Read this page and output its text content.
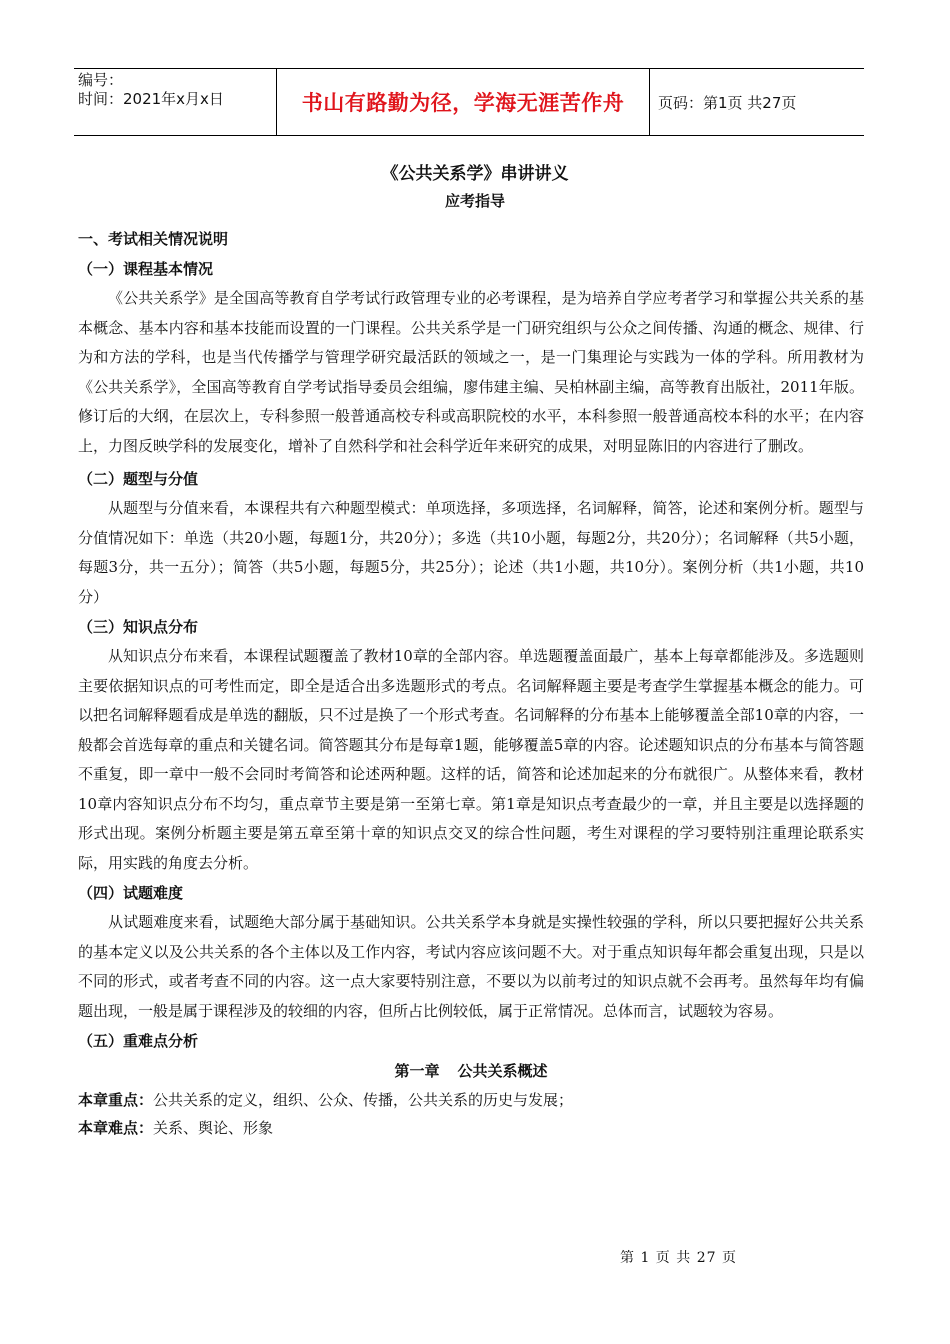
编号：
时间：2021年x月x日	书山有路勤为径，学海无涯苦作舟 页码：第1页 共27页
《公共关系学》串讲讲义
应考指导
一、考试相关情况说明
（一）课程基本情况

《公共关系学》是全国高等教育自学考试行政管理专业的必考课程，是为培养自学应考者学习和掌握公共关系的基本概念、基本内容和基本技能而设置的一门课程。公共关系学是一门研究组织与公众之间传播、沟通的概念、规律、行为和方法的学科，也是当代传播学与管理学研究最活跃的领域之一，是一门集理论与实践为一体的学科。所用教材为《公共关系学》，全国高等教育自学考试指导委员会组编，廖伟建主编、吴柏林副主编，高等教育出版社，2011年版。修订后的大纲，在层次上，专科参照一般普通高校专科或高职院校的水平，本科参照一般普通高校本科的水平；在内容上，力图反映学科的发展变化，增补了自然科学和社会科学近年来研究的成果，对明显陈旧的内容进行了删改。

（二）题型与分值

从题型与分值来看，本课程共有六种题型模式：单项选择，多项选择，名词解释，简答，论述和案例分析。题型与分值情况如下：单选（共20小题，每题1分，共20分）；多选（共10小题，每题2分，共20分）；名词解释（共5小题，每题3分，共一五分）；简答（共5小题，每题5分，共25分）；论述（共1小题，共10分）。案例分析（共1小题，共10分）

（三）知识点分布

从知识点分布来看，本课程试题覆盖了教材10章的全部内容。单选题覆盖面最广，基本上每章都能涉及。多选题则主要依据知识点的可考性而定，即全是适合出多选题形式的考点。名词解释题主要是考查学生掌握基本概念的能力。可以把名词解释题看成是单选的翻版，只不过是换了一个形式考查。名词解释的分布基本上能够覆盖全部10章的内容，一般都会首选每章的重点和关键名词。简答题其分布是每章1题，能够覆盖5章的内容。论述题知识点的分布基本与简答题不重复，即一章中一般不会同时考简答和论述两种题。这样的话，简答和论述加起来的分布就很广。从整体来看，教材10章内容知识点分布不均匀，重点章节主要是第一至第七章。第1章是知识点考查最少的一章，并且主要是以选择题的形式出现。案例分析题主要是第五章至第十章的知识点交叉的综合性问题，考生对课程的学习要特别注重理论联系实际，用实践的角度去分析。

（四）试题难度

从试题难度来看，试题绝大部分属于基础知识。公共关系学本身就是实操性较强的学科，所以只要把握好公共关系的基本定义以及公共关系的各个主体以及工作内容，考试内容应该问题不大。对于重点知识每年都会重复出现，只是以不同的形式，或者考查不同的内容。这一点大家要特别注意，不要以为以前考过的知识点就不会再考。虽然每年均有偏题出现，一般是属于课程涉及的较细的内容，但所占比例较低，属于正常情况。总体而言，试题较为容易。

（五）重难点分析
第一章 公共关系概述
本章重点：公共关系的定义，组织、公众、传播，公共关系的历史与发展；
本章难点：关系、舆论、形象
第 1 页 共 27 页
